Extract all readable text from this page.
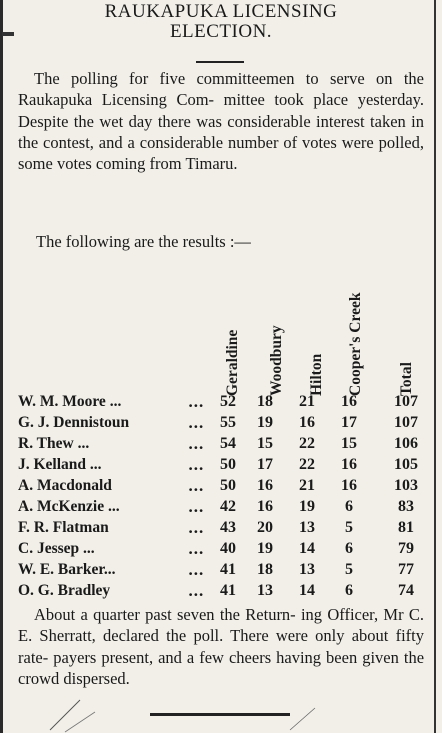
RAUKAPUKA LICENSING
ELECTION.
The polling for five committeemen to serve on the Raukapuka Licensing Com- mittee took place yesterday. Despite the wet day there was considerable interest taken in the contest, and a considerable number of votes were polled, some votes coming from Timaru.
The following are the results :—
Geraldine Woodbury Hilton Cooper's Creek Total
W. M. Moore ...	...	52	18	21	16	107
G. J. Dennistoun	...	55	19	16	17	107
R. Thew ...	...	54	15	22	15	106
J. Kelland ...	...	50	17	22	16	105
A. Macdonald	...	50	16	21	16	103
A. McKenzie ...	...	42	16	19	6	83
F. R. Flatman	...	43	20	13	5	81
C. Jessep ...	...	40	19	14	6	79
W. E. Barker...	...	41	18	13	5	77
O. G. Bradley	...	41	13	14	6	74
About a quarter past seven the Return- ing Officer, Mr C. E. Sherratt, declared the poll. There were only about fifty rate- payers present, and a few cheers having been given the crowd dispersed.
